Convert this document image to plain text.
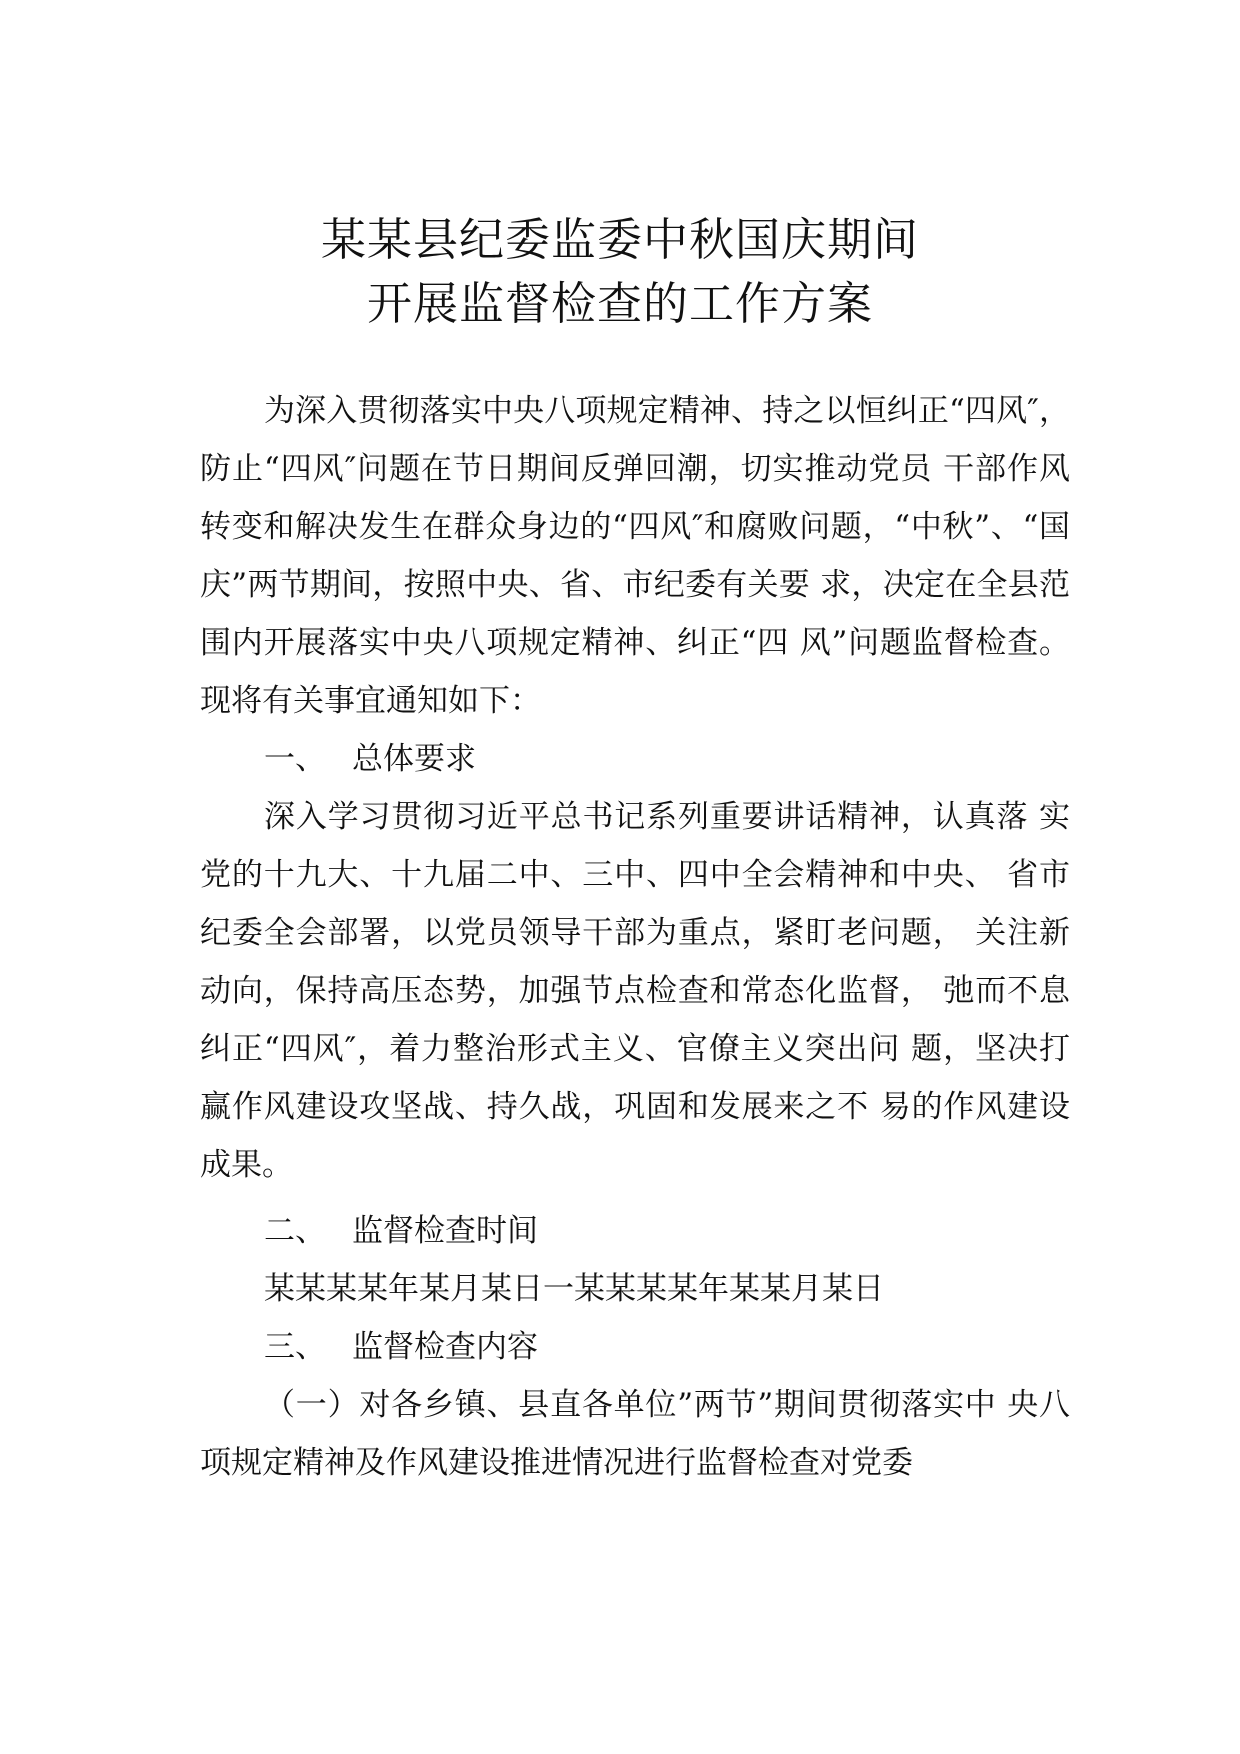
某某县纪委监委中秋国庆期间
开展监督检查的工作方案

为深入贯彻落实中央八项规定精神、持之以恒纠正“四风″，防止“四风″问题在节日期间反弹回潮，切实推动党员 干部作风转变和解决发生在群众身边的“四风″和腐败问题，“中秋”、“国庆”两节期间，按照中央、省、市纪委有关要 求，决定在全县范围内开展落实中央八项规定精神、纠正“四 风”问题监督检查。现将有关事宜通知如下：

一、 总体要求

深入学习贯彻习近平总书记系列重要讲话精神，认真落 实党的十九大、十九届二中、三中、四中全会精神和中央、 省市纪委全会部署，以党员领导干部为重点，紧盯老问题， 关注新动向，保持高压态势，加强节点检查和常态化监督， 弛而不息纠正“四风″，着力整治形式主义、官僚主义突出问 题，坚决打赢作风建设攻坚战、持久战，巩固和发展来之不 易的作风建设成果。

二、 监督检查时间

某某某某年某月某日一某某某某年某某月某日

三、 监督检查内容

（一）对各乡镇、县直各单位”两节”期间贯彻落实中 央八项规定精神及作风建设推进情况进行监督检查对党委
